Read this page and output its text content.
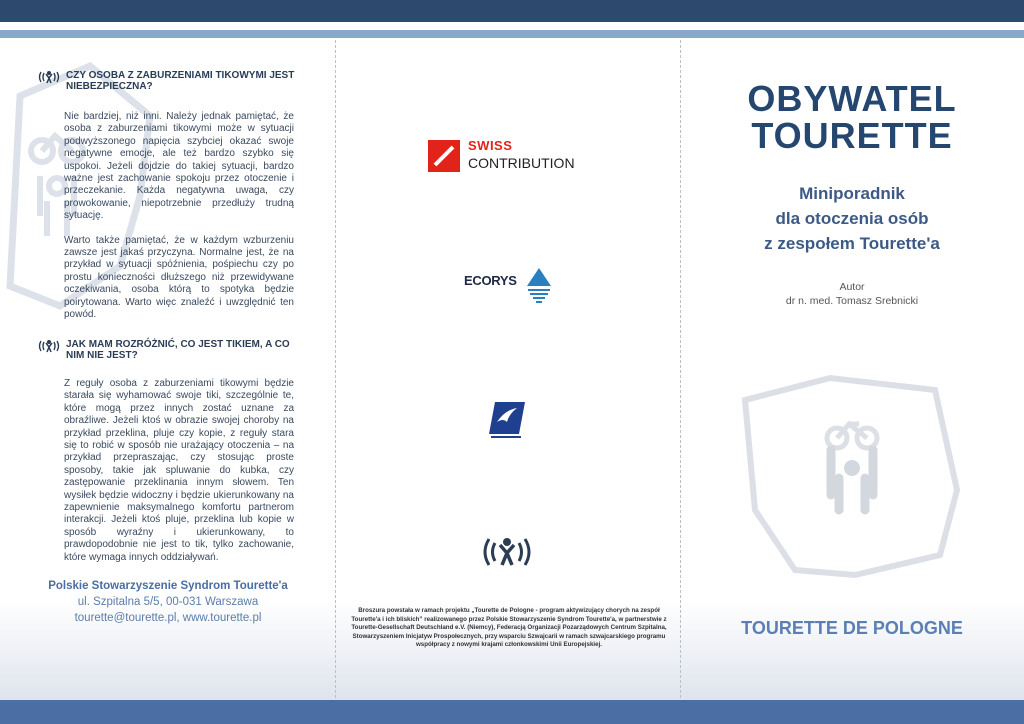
CZY OSOBA Z ZABURZENIAMI TIKOWYMI JEST NIEBEZPIECZNA?

Nie bardziej, niż inni. Należy jednak pamiętać, że osoba z zaburzeniami tikowymi może w sytuacji podwyższonego napięcia szybciej okazać swoje negatywne emocje, ale też bardzo szybko się uspokoi. Jeżeli dojdzie do takiej sytuacji, bardzo ważne jest zachowanie spokoju przez otoczenie i przeczekanie. Każda negatywna uwaga, czy prowokowanie, niepotrzebnie przedłuży trudną sytuację.

Warto także pamiętać, że w każdym wzburzeniu zawsze jest jakaś przyczyna. Normalne jest, że na przykład w sytuacji spóźnienia, pośpiechu czy po prostu konieczności dłuższego niż przewidywane oczekiwania, osoba którą to spotyka będzie poirytowana. Warto więc znaleźć i uwzględnić ten powód.

JAK MAM ROZRÓŻNIĆ, CO JEST TIKIEM, A CO NIM NIE JEST?

Z reguły osoba z zaburzeniami tikowymi będzie starała się wyhamować swoje tiki, szczególnie te, które mogą przez innych zostać uznane za obraźliwe. Jeżeli ktoś w obrazie swojej choroby na przykład przeklina, pluje czy kopie, z reguły stara się to robić w sposób nie urażający otoczenia – na przykład przepraszając, czy stosując proste sposoby, takie jak spluwanie do kubka, czy zastępowanie przeklinania innym słowem. Ten wysiłek będzie widoczny i będzie ukierunkowany na zapewnienie maksymalnego komfortu partnerom interakcji. Jeżeli ktoś pluje, przeklina lub kopie w sposób wyraźny i ukierunkowany, to prawdopodobnie nie jest to tik, tylko zachowanie, które wymaga innych oddziaływań.

Polskie Stowarzyszenie Syndrom Tourette'a
ul. Szpitalna 5/5, 00-031 Warszawa
tourette@tourette.pl, www.tourette.pl
SWISS
CONTRIBUTION
ECORYS
Broszura powstała w ramach projektu „Tourette de Pologne - program aktywizujący chorych na zespół Tourette'a i ich bliskich” realizowanego przez Polskie Stowarzyszenie Syndrom Tourette'a, w partnerstwie z Tourette-Gesellschaft Deutschland e.V. (Niemcy), Federacją Organizacji Pozarządowych Centrum Szpitalna, Stowarzyszeniem Inicjatyw Prospołecznych, przy wsparciu Szwajcarii w ramach szwajcarskiego programu współpracy z nowymi krajami członkowskimi Unii Europejskiej.
OBYWATEL
TOURETTE
Miniporadnik
dla otoczenia osób
z zespołem Tourette'a
Autor
dr n. med. Tomasz Srebnicki
TOURETTE DE POLOGNE
